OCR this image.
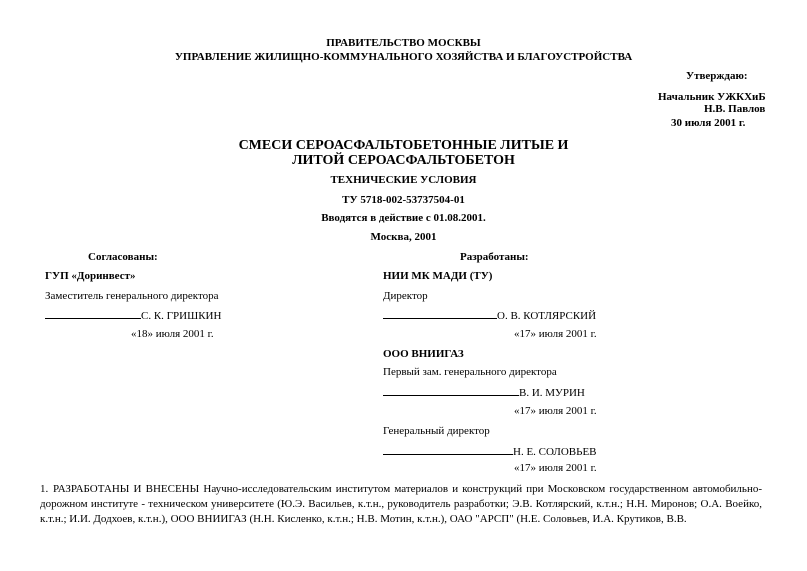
ПРАВИТЕЛЬСТВО МОСКВЫ
УПРАВЛЕНИЕ ЖИЛИЩНО-КОММУНАЛЬНОГО ХОЗЯЙСТВА И БЛАГОУСТРОЙСТВА
Утверждаю:
Начальник УЖКХиБ
Н.В. Павлов
30 июля 2001 г.
СМЕСИ СЕРОАСФАЛЬТОБЕТОННЫЕ ЛИТЫЕ И
ЛИТОЙ СЕРОАСФАЛЬТОБЕТОН
ТЕХНИЧЕСКИЕ УСЛОВИЯ
ТУ 5718-002-53737504-01
Вводятся в действие с 01.08.2001.
Москва, 2001
Согласованы:
ГУП «Доринвест»
Заместитель генерального директора
С. К. ГРИШКИН
«18» июля 2001 г.
Разработаны:
НИИ МК МАДИ (ТУ)
Директор
О. В. КОТЛЯРСКИЙ
«17» июля 2001 г.
ООО ВНИИГАЗ
Первый зам. генерального директора
В. И. МУРИН
«17» июля 2001 г.
Генеральный директор
Н. Е. СОЛОВЬЕВ
«17» июля 2001 г.
1. РАЗРАБОТАНЫ И ВНЕСЕНЫ Научно-исследовательским институтом материалов и конструкций при Московском государственном автомобильно-дорожном институте - техническом университете (Ю.Э. Васильев, к.т.н., руководитель разработки; Э.В. Котлярский, к.т.н.; Н.Н. Миронов; О.А. Воейко, к.т.н.; И.И. Додхоев, к.т.н.), ООО ВНИИГАЗ (Н.Н. Кисленко, к.т.н.; Н.В. Мотин, к.т.н.), ОАО "АРСП" (Н.Е. Соловьев, И.А. Крутиков, В.В.
